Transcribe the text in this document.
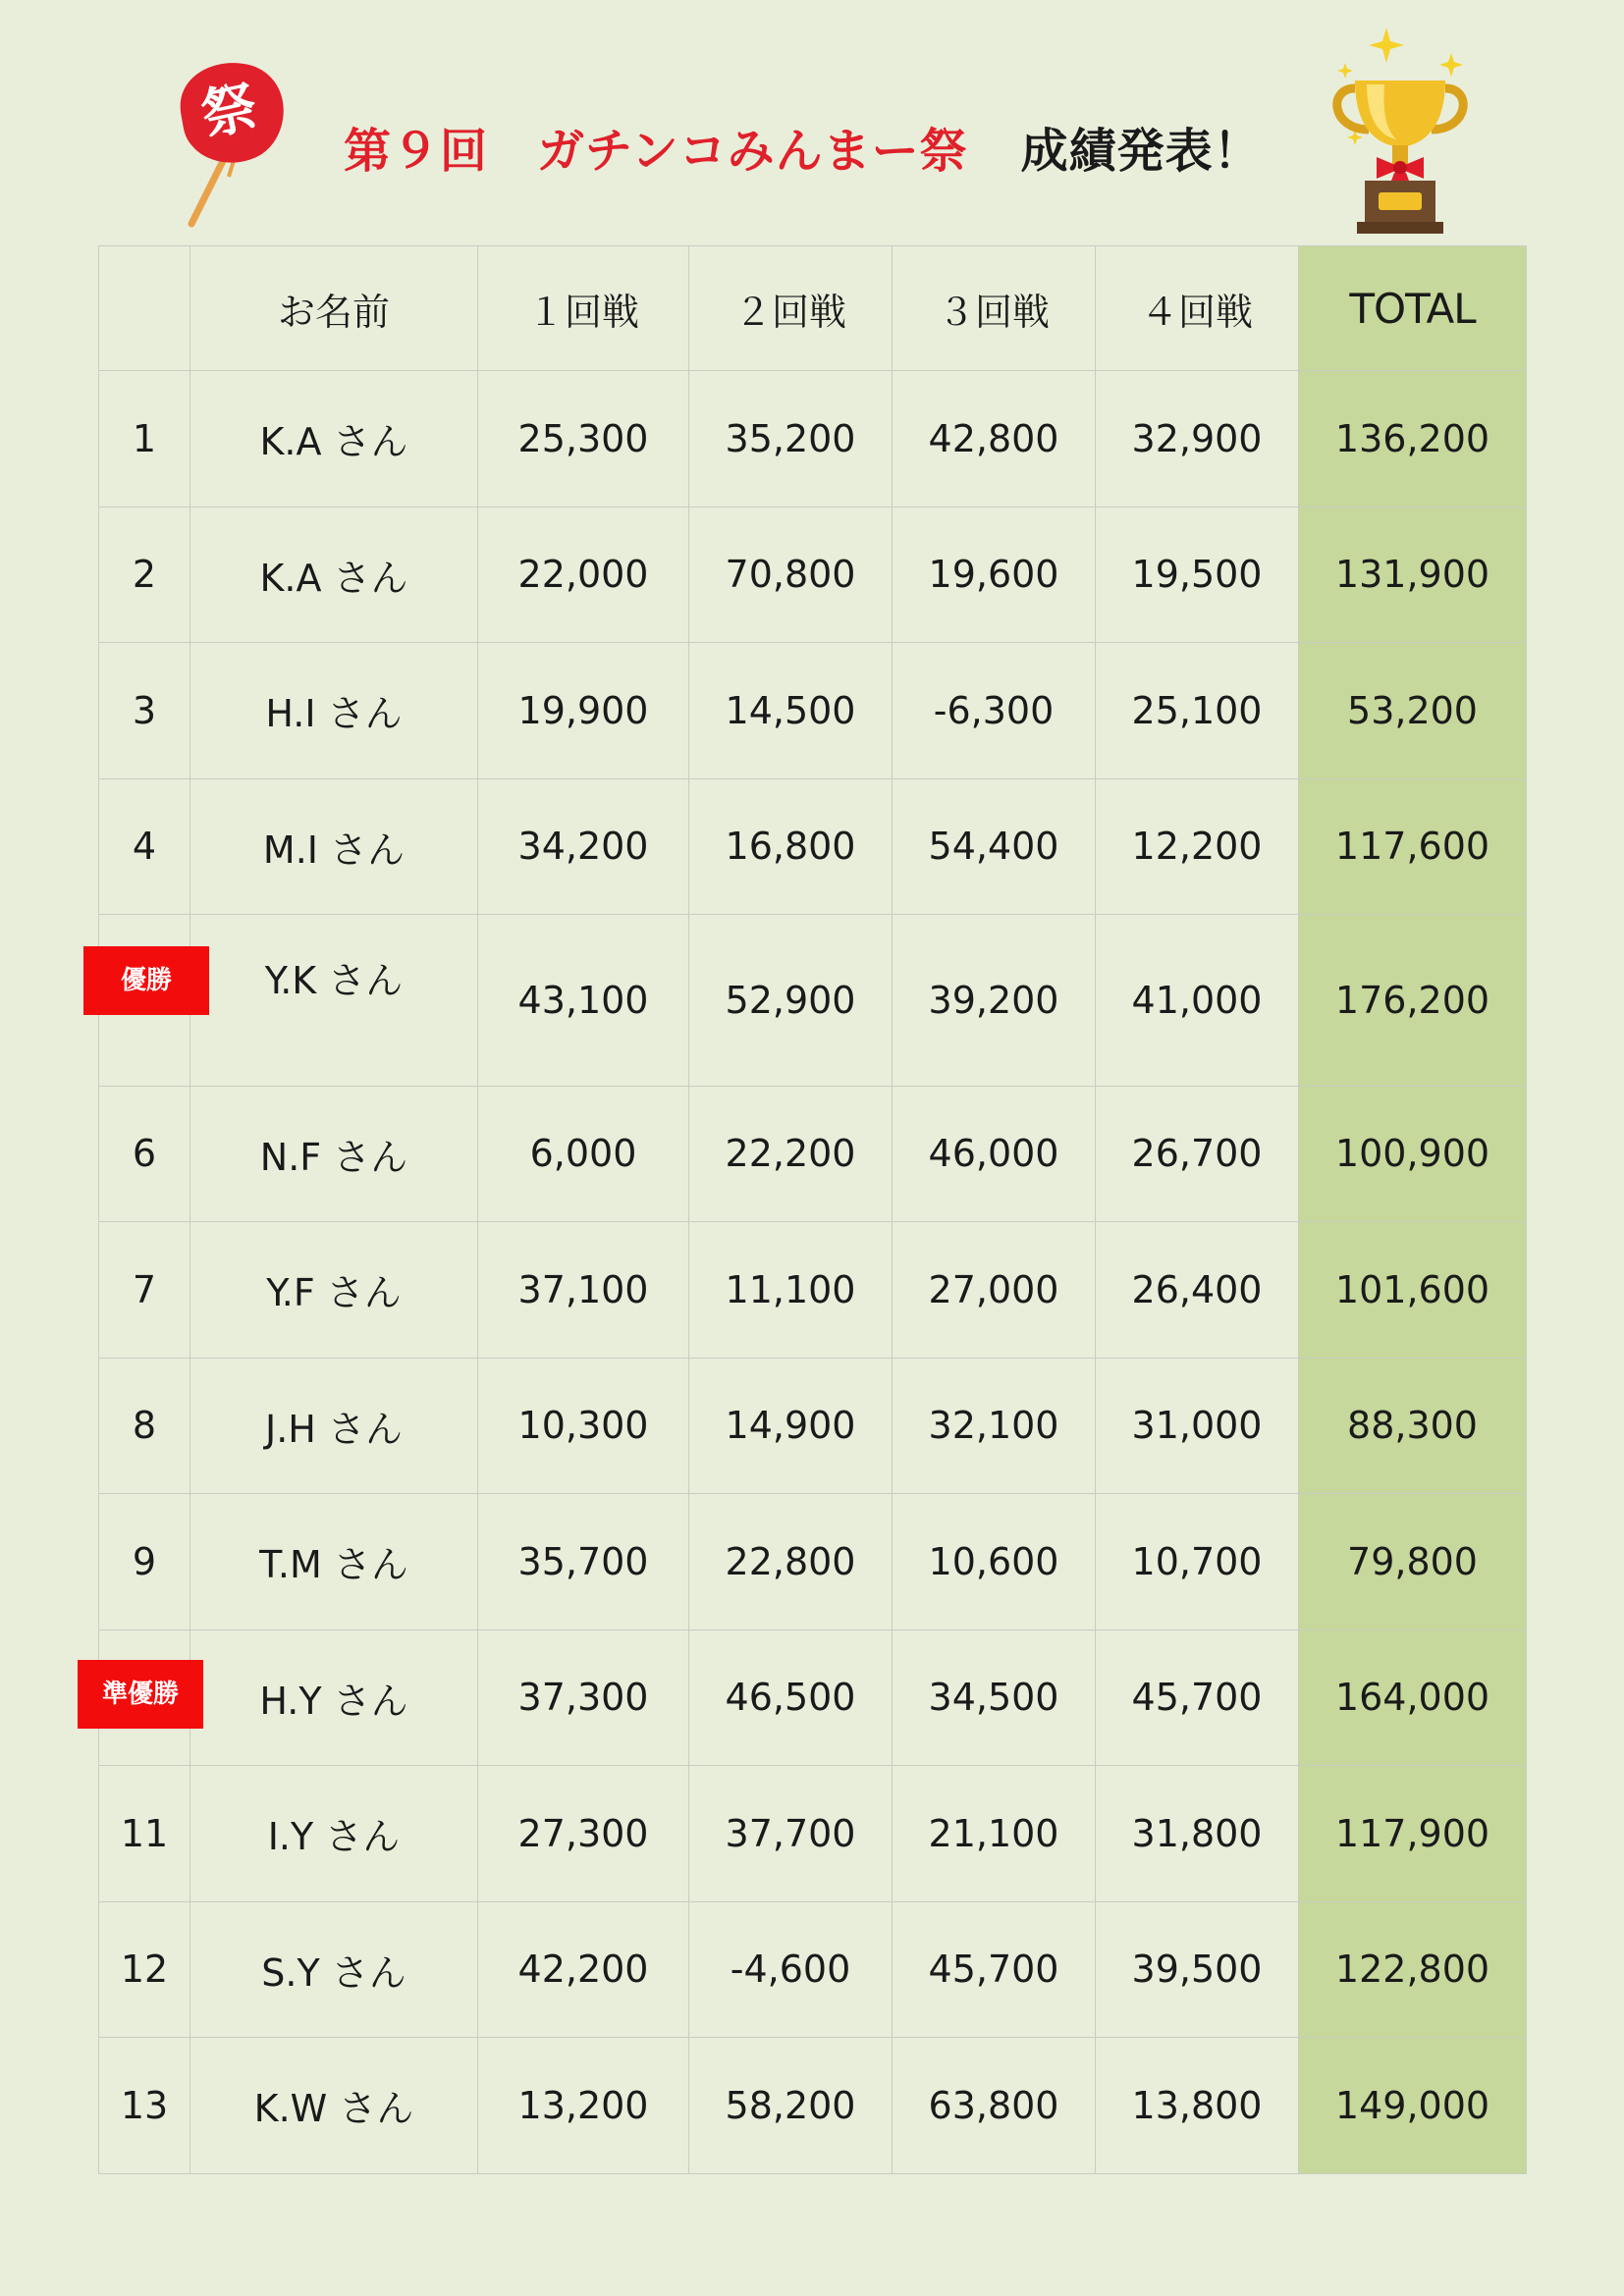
祭
第９回 ガチンコみんまー祭 成績発表！
	お名前	１回戦	２回戦	３回戦	４回戦	TOTAL
1	K.A さん	25,300	35,200	42,800	32,900	136,200
2	K.A さん	22,000	70,800	19,600	19,500	131,900
3	H.I さん	19,900	14,500	-6,300	25,100	53,200
4	M.I さん	34,200	16,800	54,400	12,200	117,600

優勝	Y.K さん	43,100	52,900	39,200	41,000	176,200
6	N.F さん	6,000	22,200	46,000	26,700	100,900
7	Y.F さん	37,100	11,100	27,000	26,400	101,600
8	J.H さん	10,300	14,900	32,100	31,000	88,300
9	T.M さん	35,700	22,800	10,600	10,700	79,800

準優勝	H.Y さん	37,300	46,500	34,500	45,700	164,000
11	I.Y さん	27,300	37,700	21,100	31,800	117,900
12	S.Y さん	42,200	-4,600	45,700	39,500	122,800
13	K.W さん	13,200	58,200	63,800	13,800	149,000
